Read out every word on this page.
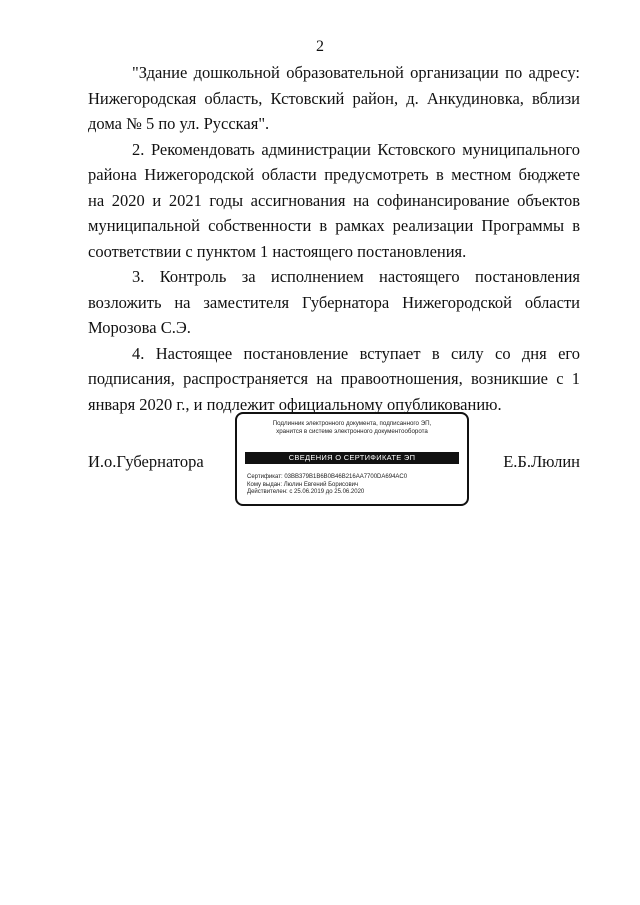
2

"Здание дошкольной образовательной организации по адресу: Нижегородская область, Кстовский район, д. Анкудиновка, вблизи дома № 5 по ул. Русская".

2. Рекомендовать администрации Кстовского муниципального района Нижегородской области предусмотреть в местном бюджете на 2020 и 2021 годы ассигнования на софинансирование объектов муниципальной собственности в рамках реализации Программы в соответствии с пунктом 1 настоящего постановления.

3. Контроль за исполнением настоящего постановления возложить на заместителя Губернатора Нижегородской области Морозова С.Э.

4. Настоящее постановление вступает в силу со дня его подписания, распространяется на правоотношения, возникшие с 1 января 2020 г., и подлежит официальному опубликованию.

И.о.Губернатора
Подлинник электронного документа, подписанного ЭП,
хранится в системе электронного документооборота
СВЕДЕНИЯ О СЕРТИФИКАТЕ ЭП
Сертификат: 03BB379B1B6B0B46B216AA7700DA694AC0
Кому выдан: Люлин Евгений Борисович
Действителен: с 25.06.2019 до 25.06.2020
Е.Б.Люлин
